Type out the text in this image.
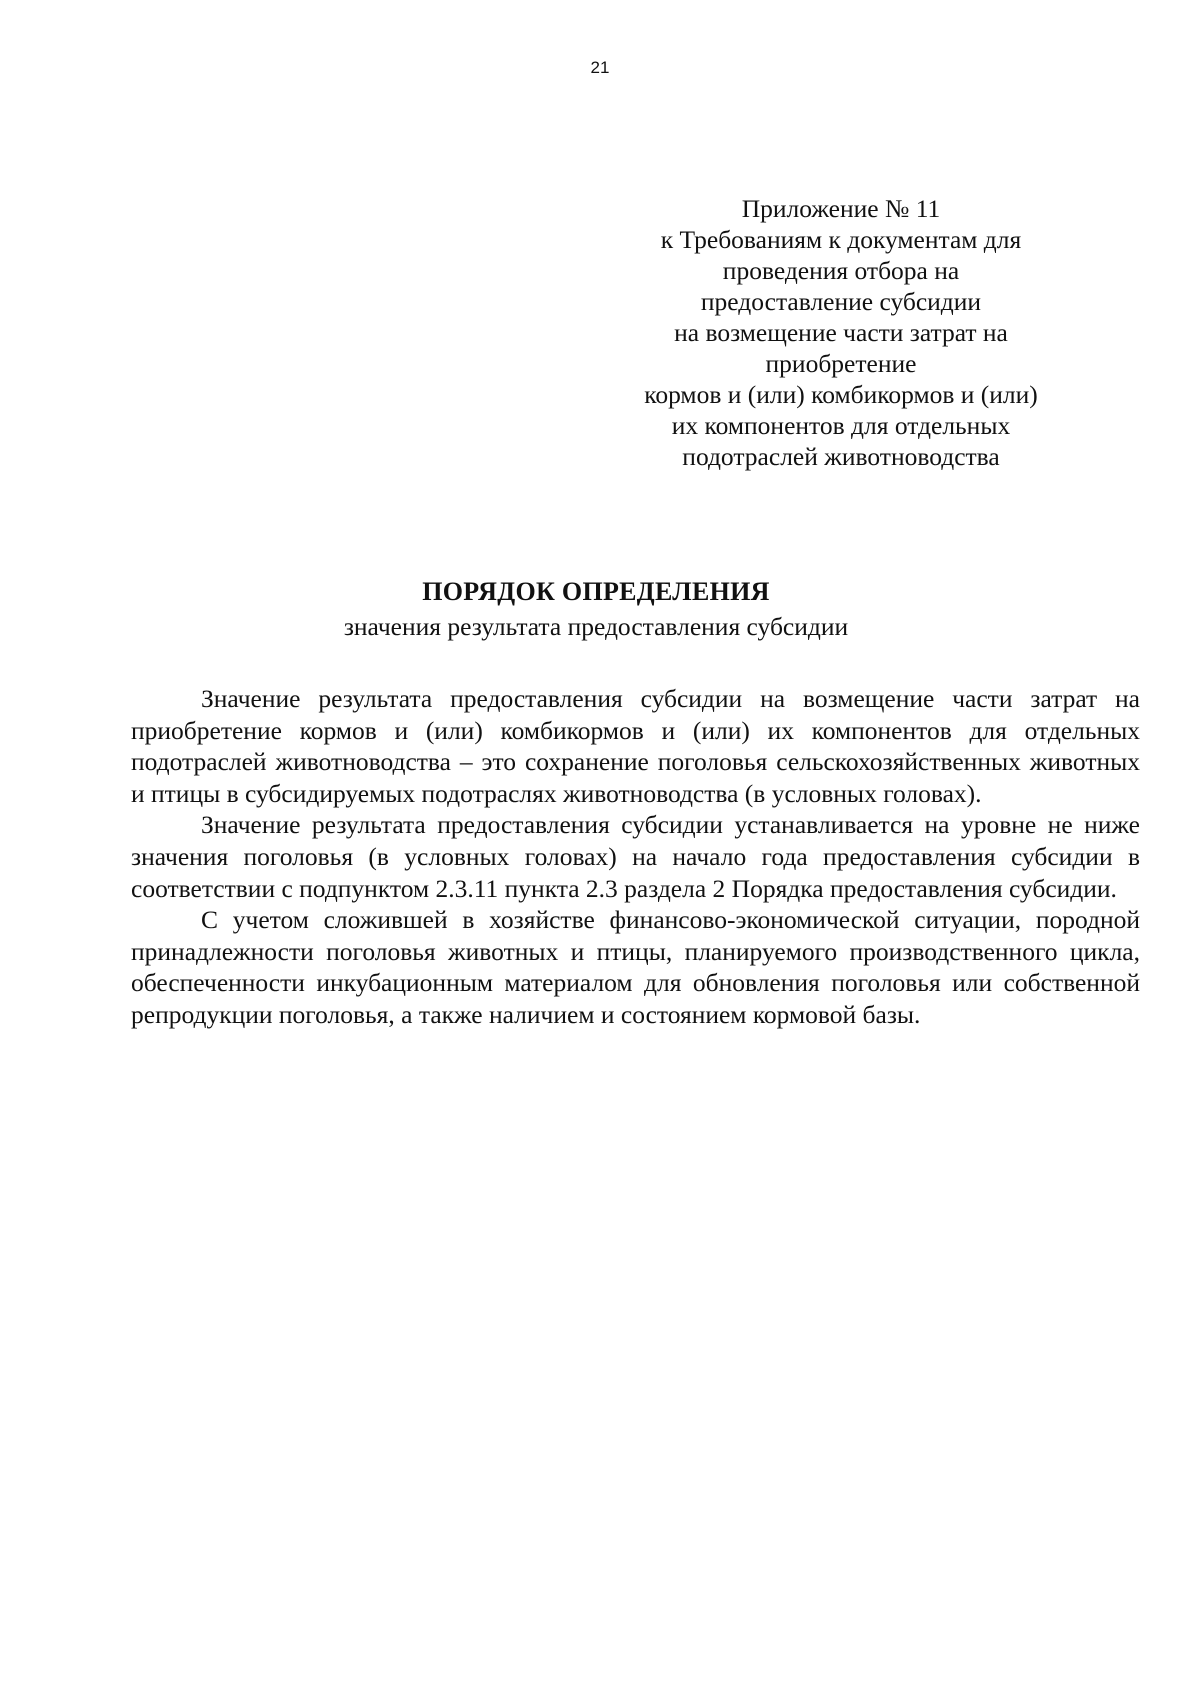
21
Приложение № 11
к Требованиям к документам для
проведения отбора на
предоставление субсидии
на возмещение части затрат на
приобретение
кормов и (или) комбикормов и (или)
их компонентов для отдельных
подотраслей животноводства
ПОРЯДОК ОПРЕДЕЛЕНИЯ
значения результата предоставления субсидии

Значение результата предоставления субсидии на возмещение части затрат на приобретение кормов и (или) комбикормов и (или) их компонентов для отдельных подотраслей животноводства – это сохранение поголовья сельскохозяйственных животных и птицы в субсидируемых подотраслях животноводства (в условных головах).

Значение результата предоставления субсидии устанавливается на уровне не ниже значения поголовья (в условных головах) на начало года предоставления субсидии в соответствии с подпунктом 2.3.11 пункта 2.3 раздела 2 Порядка предоставления субсидии.

С учетом сложившей в хозяйстве финансово-экономической ситуации, породной принадлежности поголовья животных и птицы, планируемого производственного цикла, обеспеченности инкубационным материалом для обновления поголовья или собственной репродукции поголовья, а также наличием и состоянием кормовой базы.
